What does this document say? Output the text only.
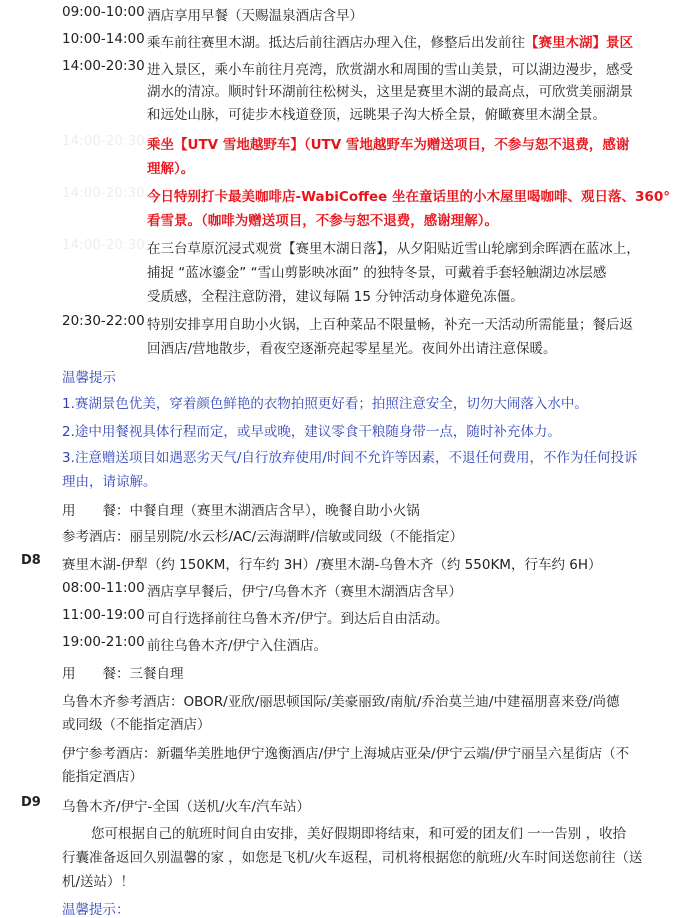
09:00-10:00 酒店享用早餐（天赐温泉酒店含早）
10:00-14:00 乘车前往赛里木湖。抵达后前往酒店办理入住，修整后出发前往【赛里木湖】景区
14:00-20:30 进入景区，乘小车前往月亮湾，欣赏湖水和周围的雪山美景，可以湖边漫步，感受
湖水的清凉。顺时针环湖前往松树头，这里是赛里木湖的最高点，可欣赏美丽湖景
和远处山脉，可徒步木栈道登顶，远眺果子沟大桥全景，俯瞰赛里木湖全景。
14:00-20:30 乘坐【UTV 雪地越野车】（UTV 雪地越野车为赠送项目，不参与恕不退费，感谢
理解）。
14:00-20:30 今日特别打卡最美咖啡店-WabiCoffee 坐在童话里的小木屋里喝咖啡、观日落、360°
看雪景。（咖啡为赠送项目，不参与恕不退费，感谢理解）。
14:00-20:30 在三台草原沉浸式观赏【赛里木湖日落】，从夕阳贴近雪山轮廓到余晖洒在蓝冰上，
捕捉 “蓝冰鎏金” “雪山剪影映冰面” 的独特冬景，可戴着手套轻触湖边冰层感
受质感，全程注意防滑，建议每隔 15 分钟活动身体避免冻僵。
20:30-22:00 特别安排享用自助小火锅，上百种菜品不限量畅，补充一天活动所需能量；餐后返
回酒店/营地散步，看夜空逐渐亮起零星星光。夜间外出请注意保暖。
温馨提示
1.赛湖景色优美，穿着颜色鲜艳的衣物拍照更好看；拍照注意安全，切勿大闹落入水中。
2.途中用餐视具体行程而定，或早或晚，建议零食干粮随身带一点，随时补充体力。
3.注意赠送项目如遇恶劣天气/自行放弃使用/时间不允许等因素，不退任何费用，不作为任何投诉
理由，请谅解。
用　　餐：中餐自理（赛里木湖酒店含早），晚餐自助小火锅
参考酒店：丽呈别院/水云杉/AC/云海湖畔/信敏或同级（不能指定）
D8 赛里木湖-伊犁（约 150KM，行车约 3H）/赛里木湖-乌鲁木齐（约 550KM，行车约 6H）
08:00-11:00 酒店享早餐后，伊宁/乌鲁木齐（赛里木湖酒店含早）
11:00-19:00 可自行选择前往乌鲁木齐/伊宁。到达后自由活动。
19:00-21:00 前往乌鲁木齐/伊宁入住酒店。
用　　餐：三餐自理
乌鲁木齐参考酒店：OBOR/亚欣/丽思顿国际/美豪丽致/南航/乔治莫兰迪/中建福朋喜来登/尚德
或同级（不能指定酒店）
伊宁参考酒店：新疆华美胜地伊宁逸衡酒店/伊宁上海城店亚朵/伊宁云端/伊宁丽呈六星街店（不
能指定酒店）
D9 乌鲁木齐/伊宁-全国（送机/火车/汽车站）
您可根据自己的航班时间自由安排，美好假期即将结束，和可爱的团友们 一一告别 ，收拾
行囊准备返回久别温馨的家 ，如您是飞机/火车返程，司机将根据您的航班/火车时间送您前往（送
机/送站）！
温馨提示：
